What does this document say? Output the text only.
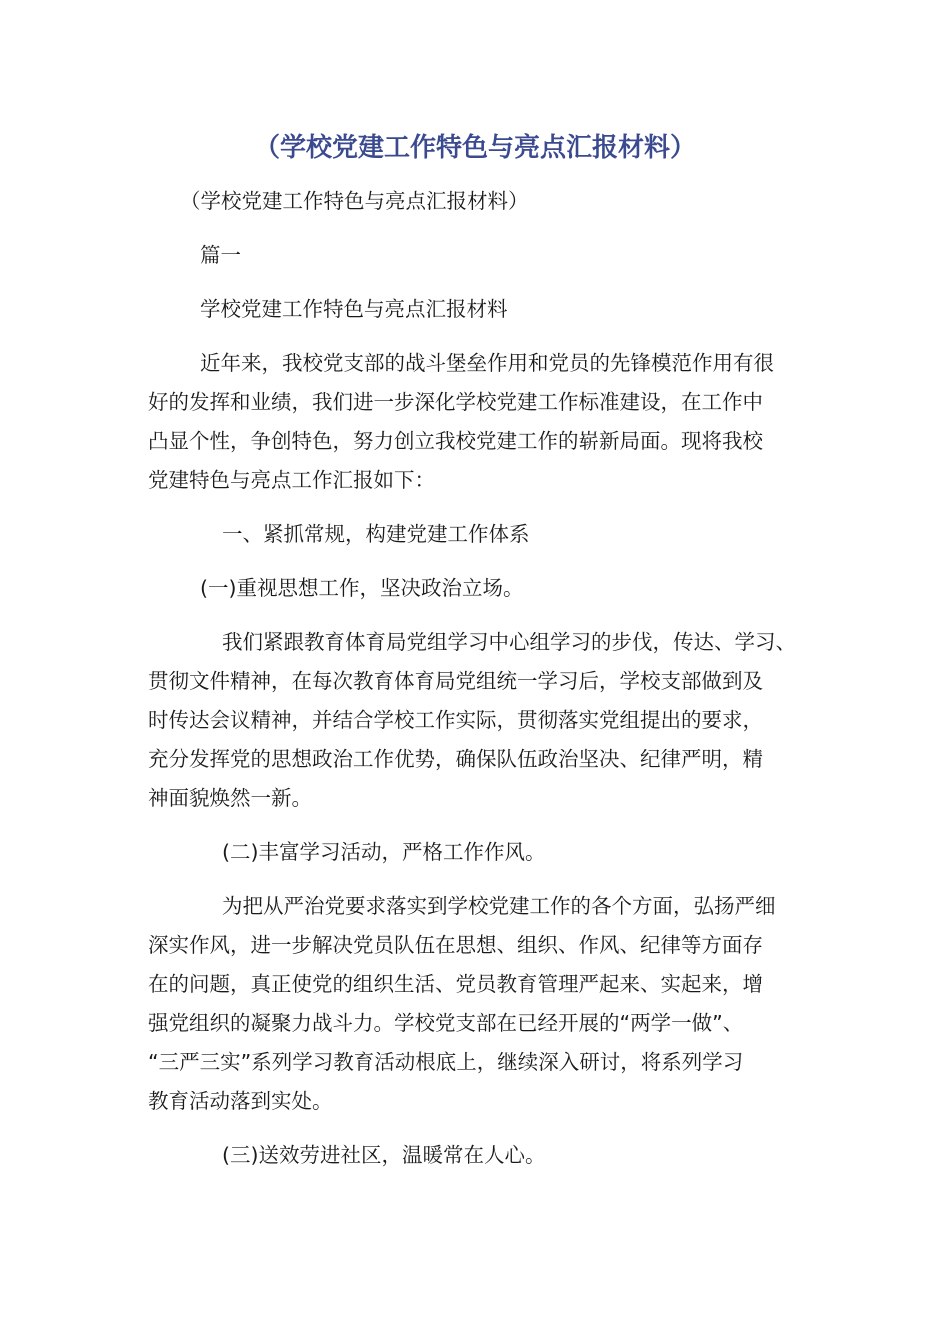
（学校党建工作特色与亮点汇报材料）
（学校党建工作特色与亮点汇报材料）
篇一
学校党建工作特色与亮点汇报材料
近年来，我校党支部的战斗堡垒作用和党员的先锋模范作用有很
好的发挥和业绩，我们进一步深化学校党建工作标准建设，在工作中
凸显个性，争创特色，努力创立我校党建工作的崭新局面。现将我校
党建特色与亮点工作汇报如下：
一、紧抓常规，构建党建工作体系
(一)重视思想工作，坚决政治立场。
我们紧跟教育体育局党组学习中心组学习的步伐，传达、学习、
贯彻文件精神，在每次教育体育局党组统一学习后，学校支部做到及
时传达会议精神，并结合学校工作实际，贯彻落实党组提出的要求，
充分发挥党的思想政治工作优势，确保队伍政治坚决、纪律严明，精
神面貌焕然一新。
(二)丰富学习活动，严格工作作风。
为把从严治党要求落实到学校党建工作的各个方面，弘扬严细
深实作风，进一步解决党员队伍在思想、组织、作风、纪律等方面存
在的问题，真正使党的组织生活、党员教育管理严起来、实起来，增
强党组织的凝聚力战斗力。学校党支部在已经开展的“两学一做”、
“三严三实”系列学习教育活动根底上，继续深入研讨，将系列学习
教育活动落到实处。
(三)送效劳进社区，温暖常在人心。
